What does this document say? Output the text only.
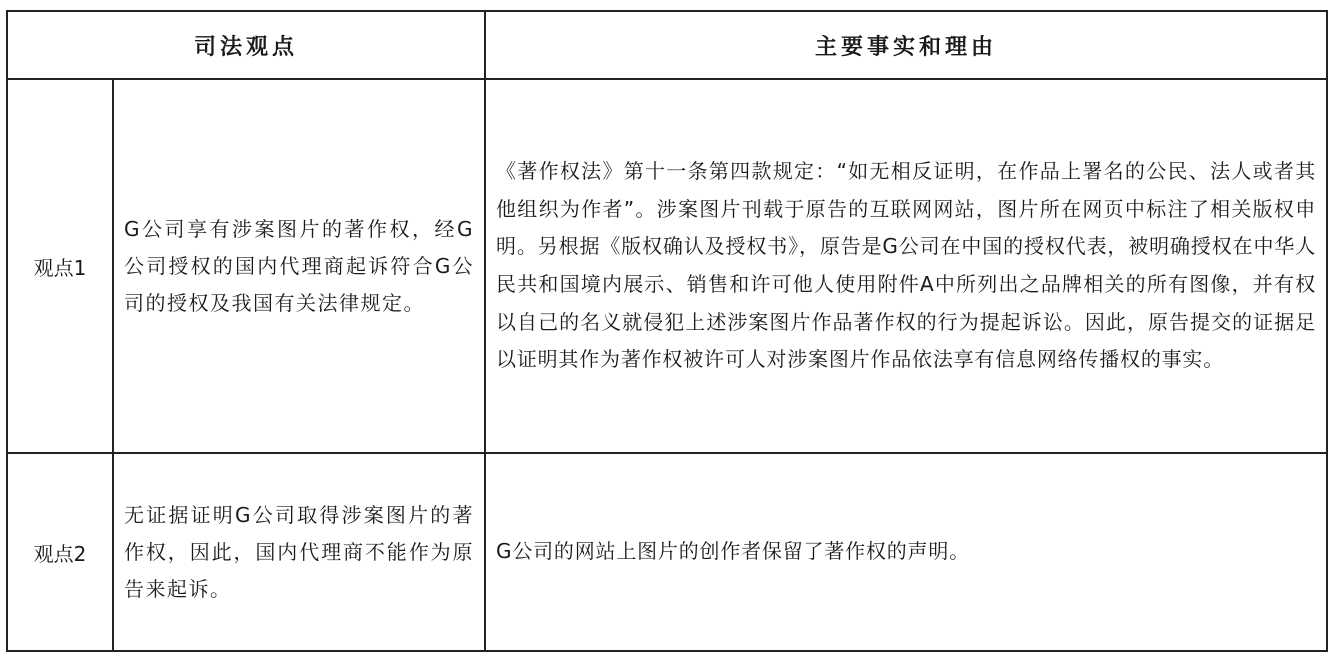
司法观点		主要事实和理由
观点1	G公司享有涉案图片的著作权，经G公司授权的国内代理商起诉符合G公司的授权及我国有关法律规定。	《著作权法》第十一条第四款规定：“如无相反证明，在作品上署名的公民、法人或者其他组织为作者”。涉案图片刊载于原告的互联网网站，图片所在网页中标注了相关版权申明。另根据《版权确认及授权书》，原告是G公司在中国的授权代表，被明确授权在中华人民共和国境内展示、销售和许可他人使用附件A中所列出之品牌相关的所有图像，并有权以自己的名义就侵犯上述涉案图片作品著作权的行为提起诉讼。因此，原告提交的证据足以证明其作为著作权被许可人对涉案图片作品依法享有信息网络传播权的事实。
观点2	无证据证明G公司取得涉案图片的著作权，因此，国内代理商不能作为原告来起诉。	G公司的网站上图片的创作者保留了著作权的声明。
